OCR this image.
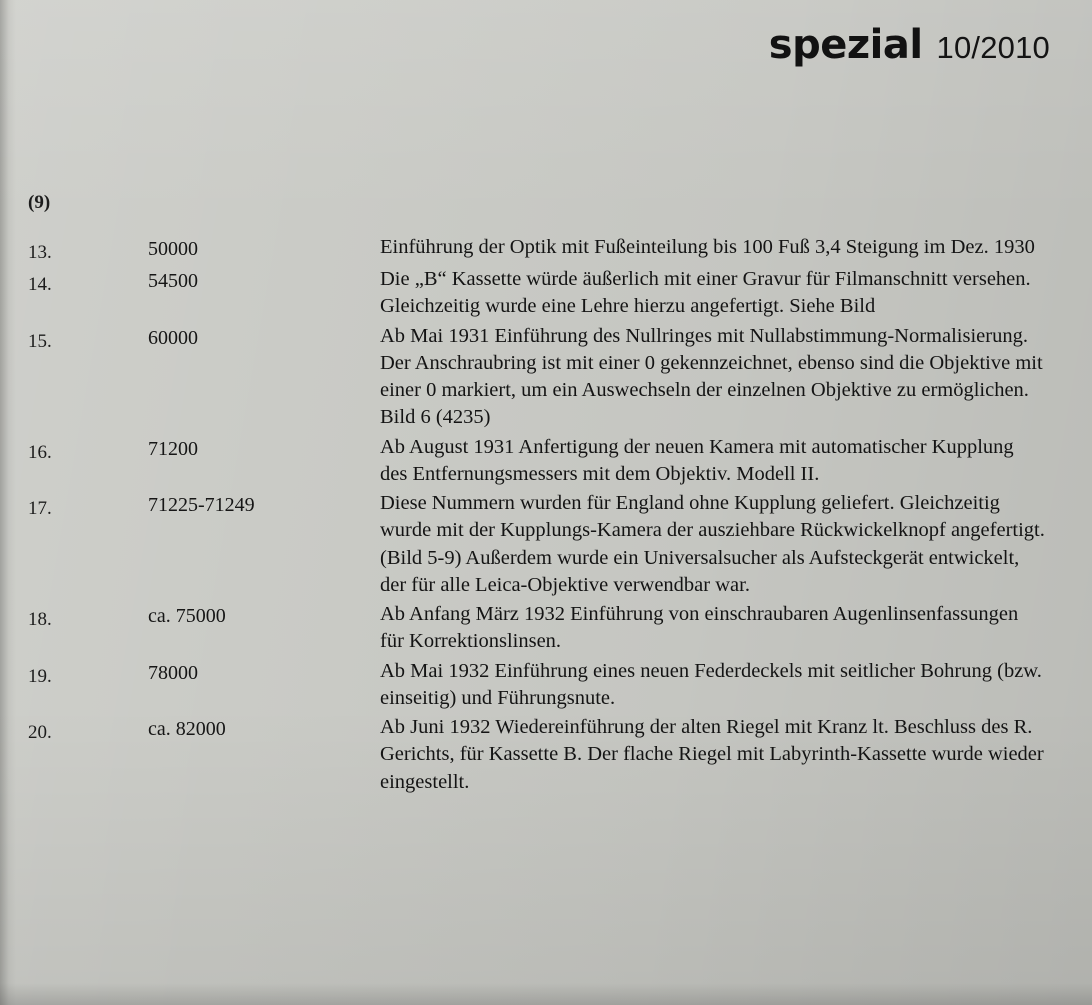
spezial 10/2010
(9)
13.	50000	Einführung der Optik mit Fußeinteilung bis 100 Fuß 3,4 Steigung im Dez. 1930
14.	54500	Die „B“ Kassette würde äußerlich mit einer Gravur für Filmanschnitt versehen. Gleichzeitig wurde eine Lehre hierzu angefertigt. Siehe Bild
15.	60000	Ab Mai 1931 Einführung des Nullringes mit Nullabstimmung-Normalisierung. Der Anschraubring ist mit einer 0 gekennzeichnet, ebenso sind die Objektive mit einer 0 markiert, um ein Auswechseln der einzelnen Objektive zu ermöglichen. Bild 6 (4235)
16.	71200	Ab August 1931 Anfertigung der neuen Kamera mit automatischer Kupplung des Entfernungsmessers mit dem Objektiv. Modell II.
17.	71225-71249	Diese Nummern wurden für England ohne Kupplung geliefert. Gleichzeitig wurde mit der Kupplungs-Kamera der ausziehbare Rückwickelknopf angefertigt. (Bild 5-9) Außerdem wurde ein Universalsucher als Aufsteckgerät entwickelt, der für alle Leica-Objektive verwendbar war.
18.	ca. 75000	Ab Anfang März 1932 Einführung von einschraubaren Augenlinsenfassungen für Korrektionslinsen.
19.	78000	Ab Mai 1932 Einführung eines neuen Federdeckels mit seitlicher Bohrung (bzw. einseitig) und Führungsnute.
20.	ca. 82000	Ab Juni 1932 Wiedereinführung der alten Riegel mit Kranz lt. Beschluss des R. Gerichts, für Kassette B. Der flache Riegel mit Labyrinth-Kassette wurde wieder eingestellt.
